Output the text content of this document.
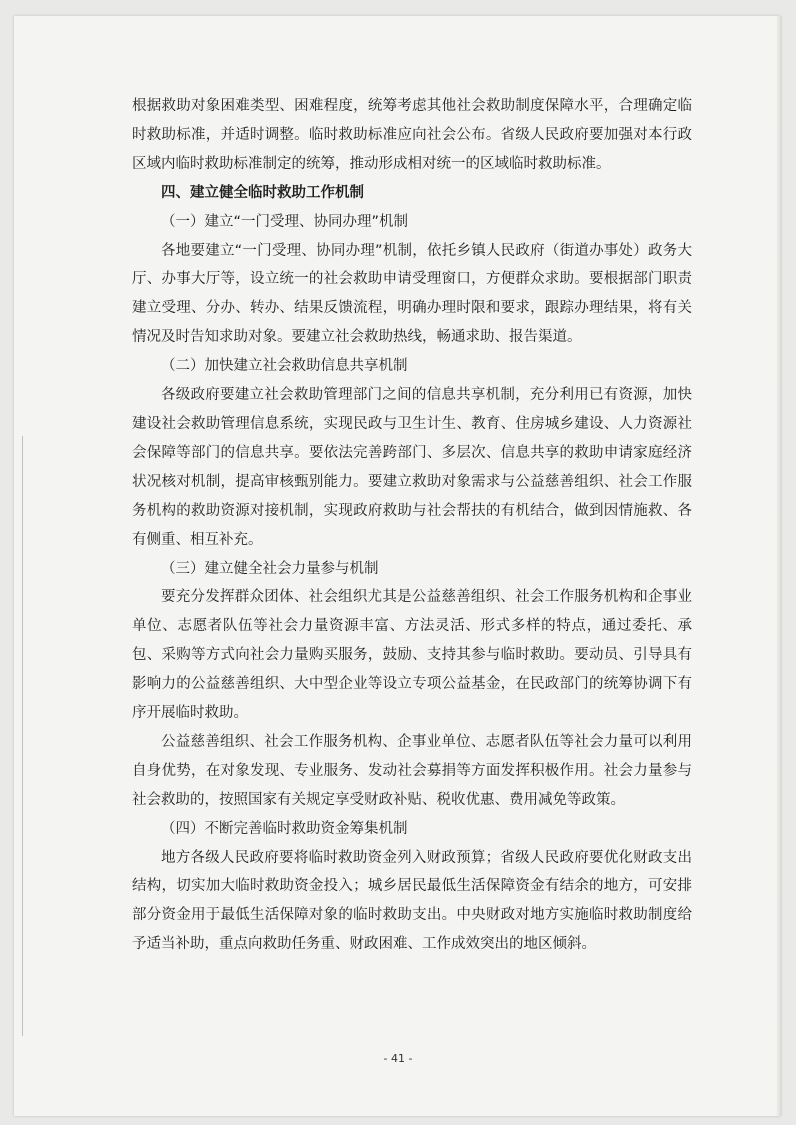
根据救助对象困难类型、困难程度，统筹考虑其他社会救助制度保障水平，合理确定临时救助标准，并适时调整。临时救助标准应向社会公布。省级人民政府要加强对本行政区域内临时救助标准制定的统筹，推动形成相对统一的区域临时救助标准。

四、建立健全临时救助工作机制

（一）建立“一门受理、协同办理”机制

各地要建立“一门受理、协同办理”机制，依托乡镇人民政府（街道办事处）政务大厅、办事大厅等，设立统一的社会救助申请受理窗口，方便群众求助。要根据部门职责建立受理、分办、转办、结果反馈流程，明确办理时限和要求，跟踪办理结果，将有关情况及时告知求助对象。要建立社会救助热线，畅通求助、报告渠道。

（二）加快建立社会救助信息共享机制

各级政府要建立社会救助管理部门之间的信息共享机制，充分利用已有资源，加快建设社会救助管理信息系统，实现民政与卫生计生、教育、住房城乡建设、人力资源社会保障等部门的信息共享。要依法完善跨部门、多层次、信息共享的救助申请家庭经济状况核对机制，提高审核甄别能力。要建立救助对象需求与公益慈善组织、社会工作服务机构的救助资源对接机制，实现政府救助与社会帮扶的有机结合，做到因情施救、各有侧重、相互补充。

（三）建立健全社会力量参与机制

要充分发挥群众团体、社会组织尤其是公益慈善组织、社会工作服务机构和企事业单位、志愿者队伍等社会力量资源丰富、方法灵活、形式多样的特点，通过委托、承包、采购等方式向社会力量购买服务，鼓励、支持其参与临时救助。要动员、引导具有影响力的公益慈善组织、大中型企业等设立专项公益基金，在民政部门的统筹协调下有序开展临时救助。

公益慈善组织、社会工作服务机构、企事业单位、志愿者队伍等社会力量可以利用自身优势，在对象发现、专业服务、发动社会募捐等方面发挥积极作用。社会力量参与社会救助的，按照国家有关规定享受财政补贴、税收优惠、费用减免等政策。

（四）不断完善临时救助资金筹集机制

地方各级人民政府要将临时救助资金列入财政预算；省级人民政府要优化财政支出结构，切实加大临时救助资金投入；城乡居民最低生活保障资金有结余的地方，可安排部分资金用于最低生活保障对象的临时救助支出。中央财政对地方实施临时救助制度给予适当补助，重点向救助任务重、财政困难、工作成效突出的地区倾斜。

- 41 -
